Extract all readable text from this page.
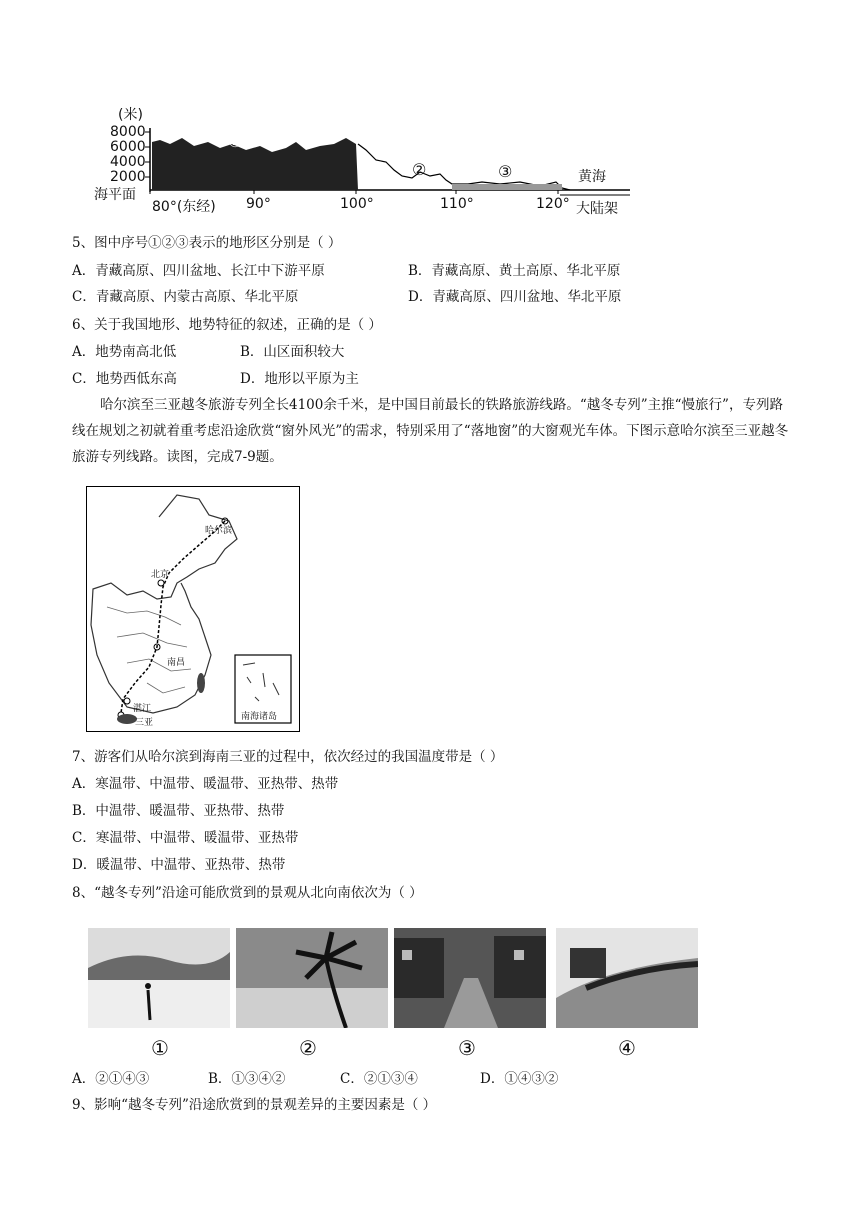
(米)
8000
6000
4000
2000
海平面
80°(东经) 90°	100°	110°	120°
①
②	③	黄海
大陆架
5、图中序号①②③表示的地形区分别是（ ）
A．青藏高原、四川盆地、长江中下游平原	B．青藏高原、黄土高原、华北平原
C．青藏高原、内蒙古高原、华北平原	D．青藏高原、四川盆地、华北平原
6、关于我国地形、地势特征的叙述，正确的是（ ）
A．地势南高北低	B．山区面积较大
C．地势西低东高	D．地形以平原为主
哈尔滨至三亚越冬旅游专列全长4100余千米，是中国目前最长的铁路旅游线路。“越冬专列”主推“慢旅行”，专列路线在规划之初就着重考虑沿途欣赏“窗外风光”的需求，特别采用了“落地窗”的大窗观光车体。下图示意哈尔滨至三亚越冬旅游专列线路。读图，完成7-9题。
哈尔滨
北京
南昌
湛江
三亚
南海诸岛
7、游客们从哈尔滨到海南三亚的过程中，依次经过的我国温度带是（ ）
A．寒温带、中温带、暖温带、亚热带、热带
B．中温带、暖温带、亚热带、热带
C．寒温带、中温带、暖温带、亚热带
D．暖温带、中温带、亚热带、热带
8、“越冬专列”沿途可能欣赏到的景观从北向南依次为（ ）
①	②	③	④
A．②①④③	B．①③④②	C．②①③④	D．①④③②
9、影响“越冬专列”沿途欣赏到的景观差异的主要因素是（ ）
